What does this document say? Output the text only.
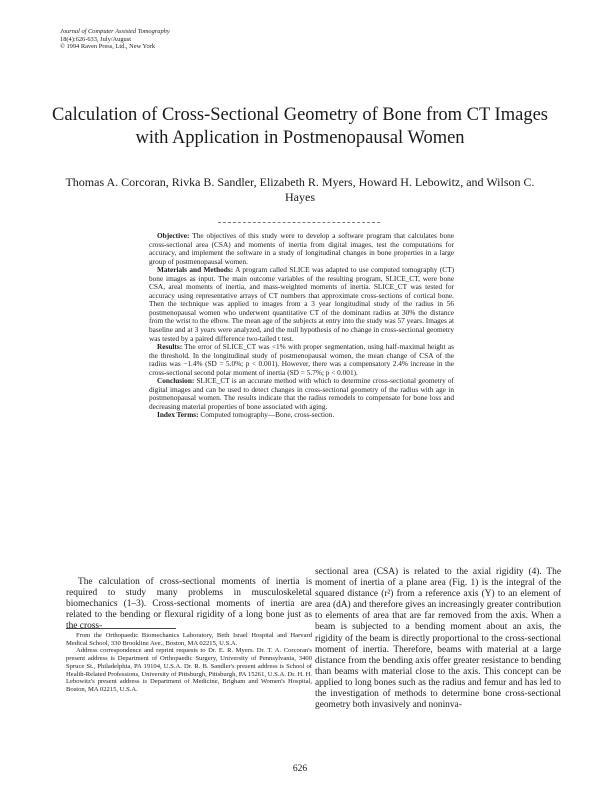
Journal of Computer Assisted Tomography
18(4):626-633, July/August
© 1994 Raven Press, Ltd., New York
Calculation of Cross-Sectional Geometry of Bone from CT Images with Application in Postmenopausal Women
Thomas A. Corcoran, Rivka B. Sandler, Elizabeth R. Myers, Howard H. Lebowitz, and Wilson C. Hayes

Objective: The objectives of this study were to develop a software program that calculates bone cross-sectional area (CSA) and moments of inertia from digital images, test the computations for accuracy, and implement the software in a study of longitudinal changes in bone properties in a large group of postmenopausal women.

Materials and Methods: A program called SLICE was adapted to use computed tomography (CT) bone images as input. The main outcome variables of the resulting program, SLICE_CT, were bone CSA, areal moments of inertia, and mass-weighted moments of inertia. SLICE_CT was tested for accuracy using representative arrays of CT numbers that approximate cross-sections of cortical bone. Then the technique was applied to images from a 3 year longitudinal study of the radius in 56 postmenopausal women who underwent quantitative CT of the dominant radius at 30% the distance from the wrist to the elbow. The mean age of the subjects at entry into the study was 57 years. Images at baseline and at 3 years were analyzed, and the null hypothesis of no change in cross-sectional geometry was tested by a paired difference two-tailed t test.

Results: The error of SLICE_CT was <1% with proper segmentation, using half-maximal height as the threshold. In the longitudinal study of postmenopausal women, the mean change of CSA of the radius was −1.4% (SD = 5.0%; p < 0.001). However, there was a compensatory 2.4% increase in the cross-sectional second polar moment of inertia (SD = 5.7%; p < 0.001).

Conclusion: SLICE_CT is an accurate method with which to determine cross-sectional geometry of digital images and can be used to detect changes in cross-sectional geometry of the radius with age in postmenopausal women. The results indicate that the radius remodels to compensate for bone loss and decreasing material properties of bone associated with aging.

Index Terms: Computed tomography—Bone, cross-section.

The calculation of cross-sectional moments of inertia is required to study many problems in musculoskeletal biomechanics (1–3). Cross-sectional moments of inertia are related to the bending or flexural rigidity of a long bone just as the cross-

From the Orthopaedic Biomechanics Laboratory, Beth Israel Hospital and Harvard Medical School, 330 Brookline Ave., Boston, MA 02215, U.S.A.

Address correspondence and reprint requests to Dr. E. R. Myers. Dr. T. A. Corcoran's present address is Department of Orthopaedic Surgery, University of Pennsylvania, 3400 Spruce St., Philadelphia, PA 19104, U.S.A. Dr. R. B. Sandler's present address is School of Health-Related Professions, University of Pittsburgh, Pittsburgh, PA 15261, U.S.A. Dr. H. H. Lebowitz's present address is Department of Medicine, Brigham and Women's Hospital, Boston, MA 02215, U.S.A.

sectional area (CSA) is related to the axial rigidity (4). The moment of inertia of a plane area (Fig. 1) is the integral of the squared distance (r²) from a reference axis (Y) to an element of area (dA) and therefore gives an increasingly greater contribution to elements of area that are far removed from the axis. When a beam is subjected to a bending moment about an axis, the rigidity of the beam is directly proportional to the cross-sectional moment of inertia. Therefore, beams with material at a large distance from the bending axis offer greater resistance to bending than beams with material close to the axis. This concept can be applied to long bones such as the radius and femur and has led to the investigation of methods to determine bone cross-sectional geometry both invasively and noninva-

626
